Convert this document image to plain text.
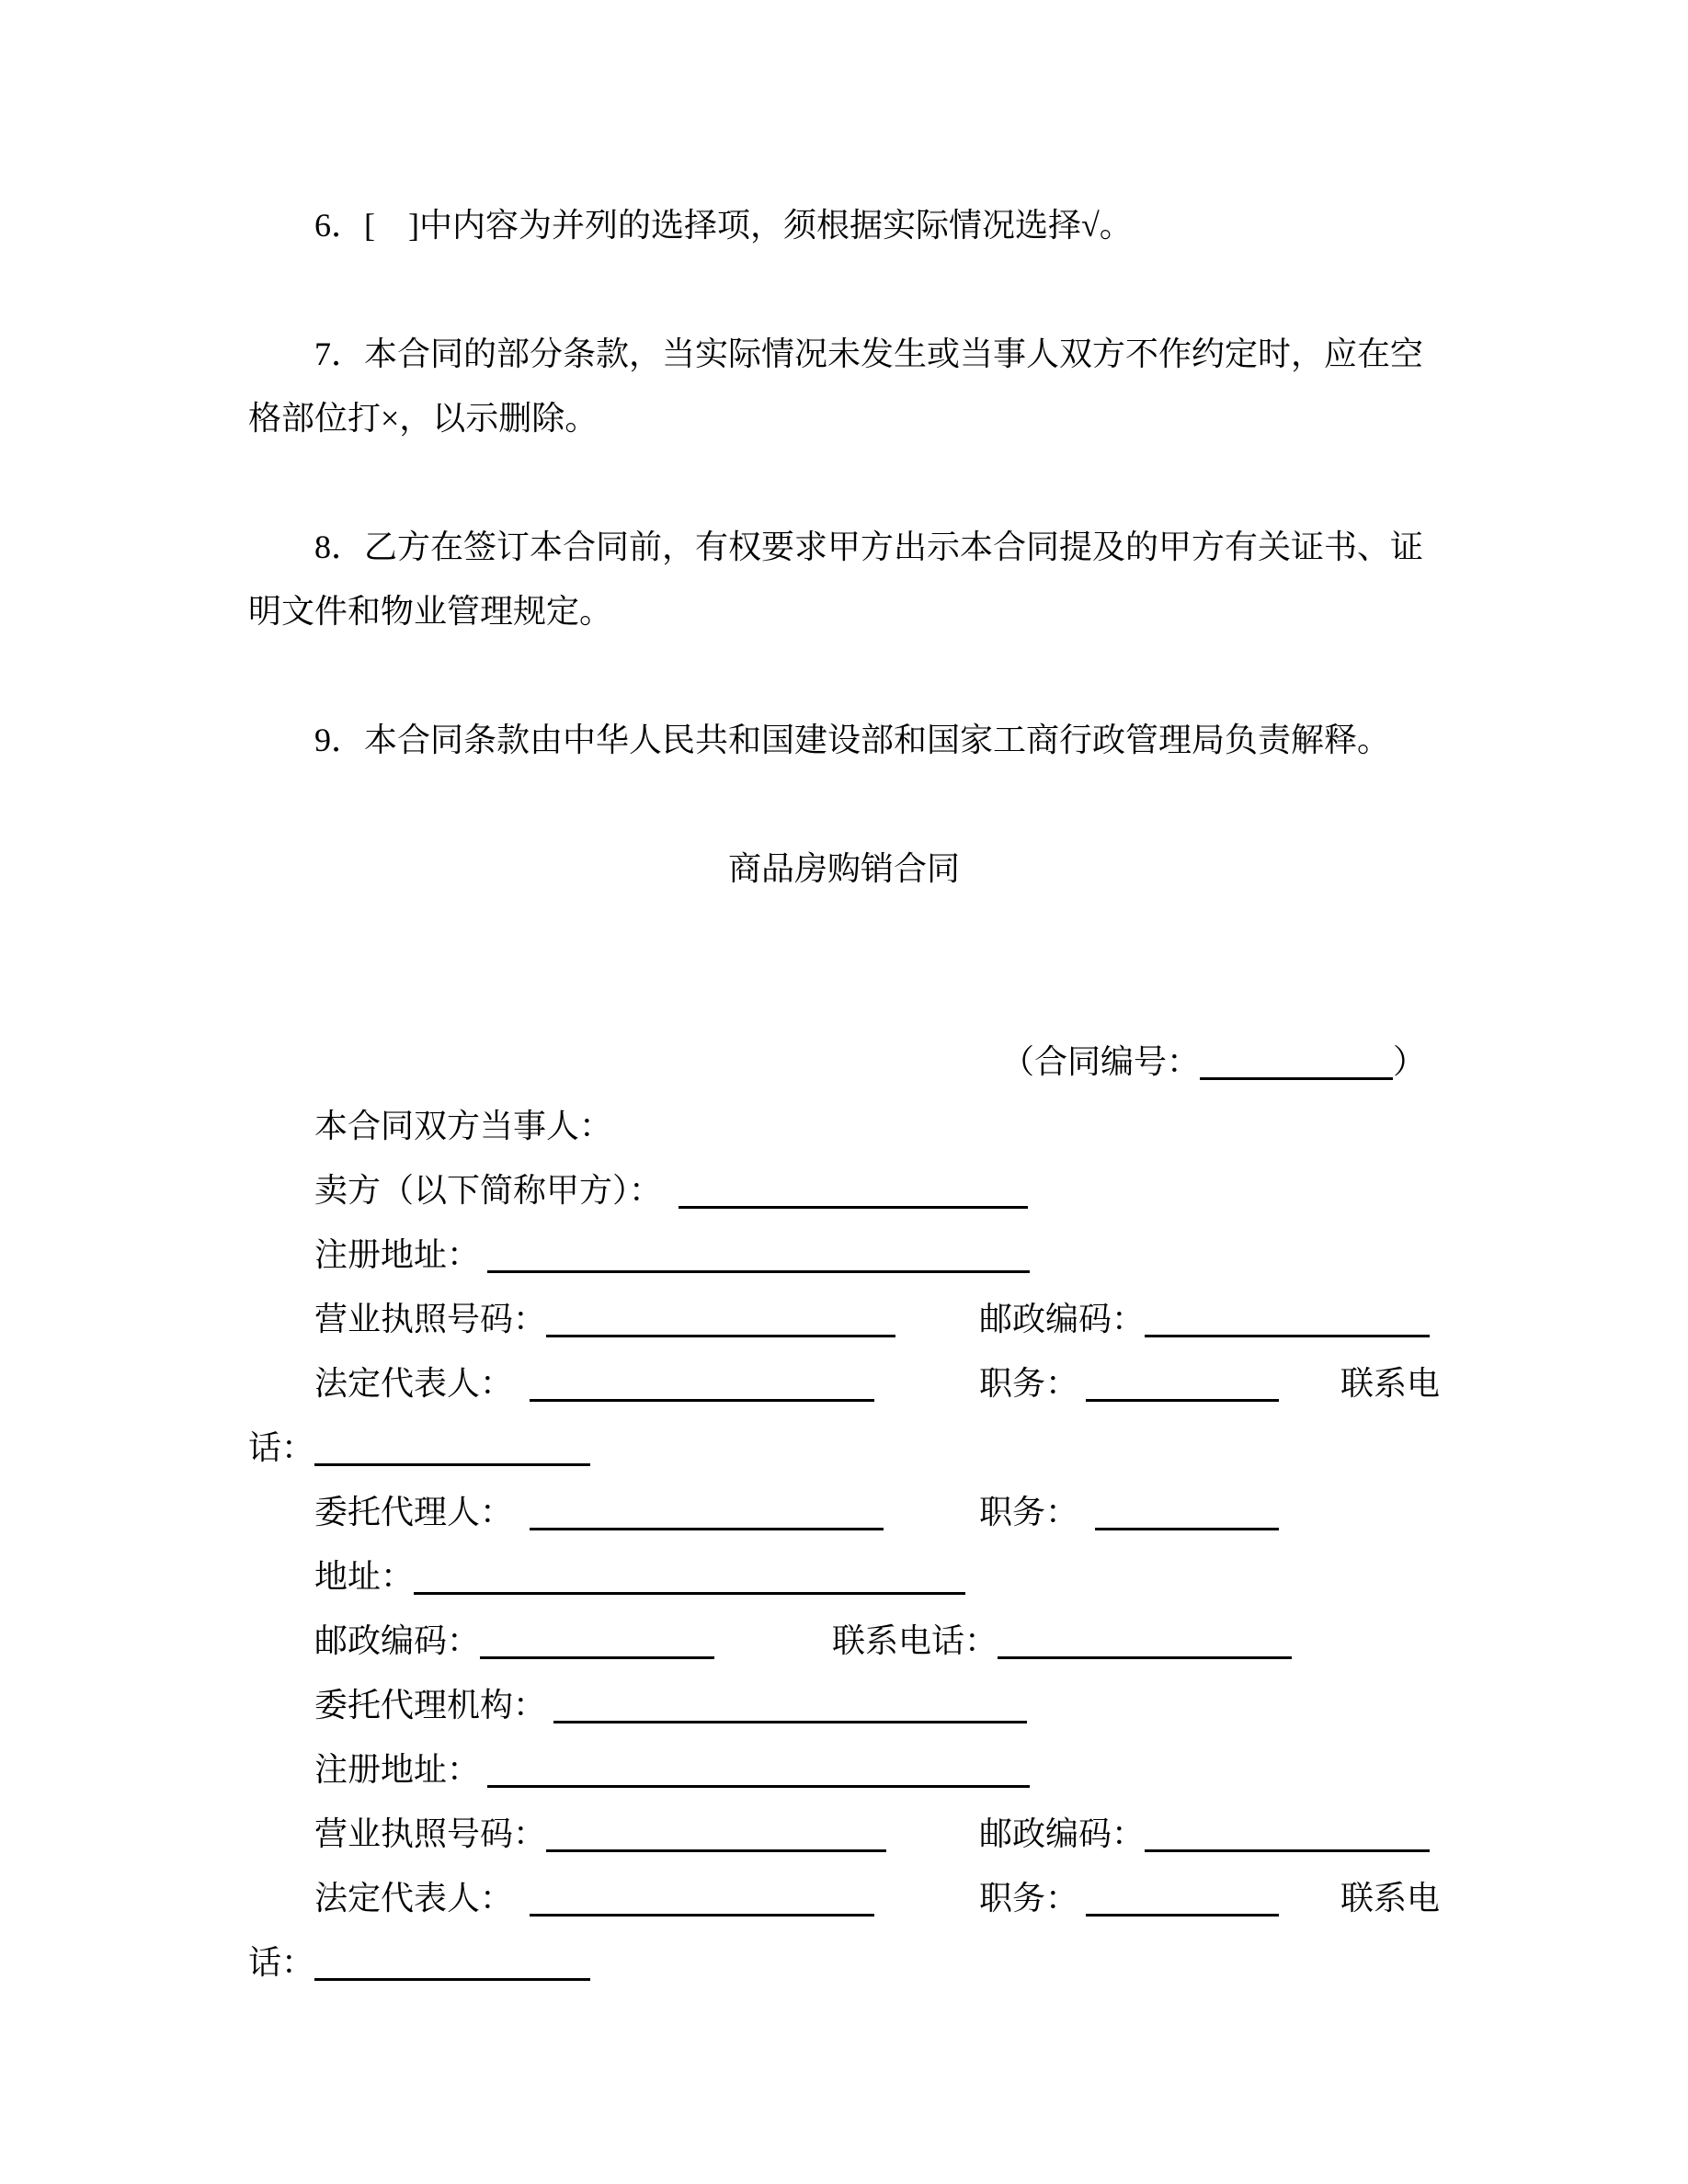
6．[　]中内容为并列的选择项，须根据实际情况选择√。
7．本合同的部分条款，当实际情况未发生或当事人双方不作约定时，应在空
格部位打×，以示删除。
8．乙方在签订本合同前，有权要求甲方出示本合同提及的甲方有关证书、证
明文件和物业管理规定。
9．本合同条款由中华人民共和国建设部和国家工商行政管理局负责解释。
商品房购销合同
（合同编号：	）
本合同双方当事人：
卖方（以下简称甲方）：
注册地址：
营业执照号码：	邮政编码：
法定代表人：	职务：	联系电
话：
委托代理人：	职务：
地址：
邮政编码：	联系电话：
委托代理机构：
注册地址：
营业执照号码：	邮政编码：
法定代表人：	职务：	联系电
话：
